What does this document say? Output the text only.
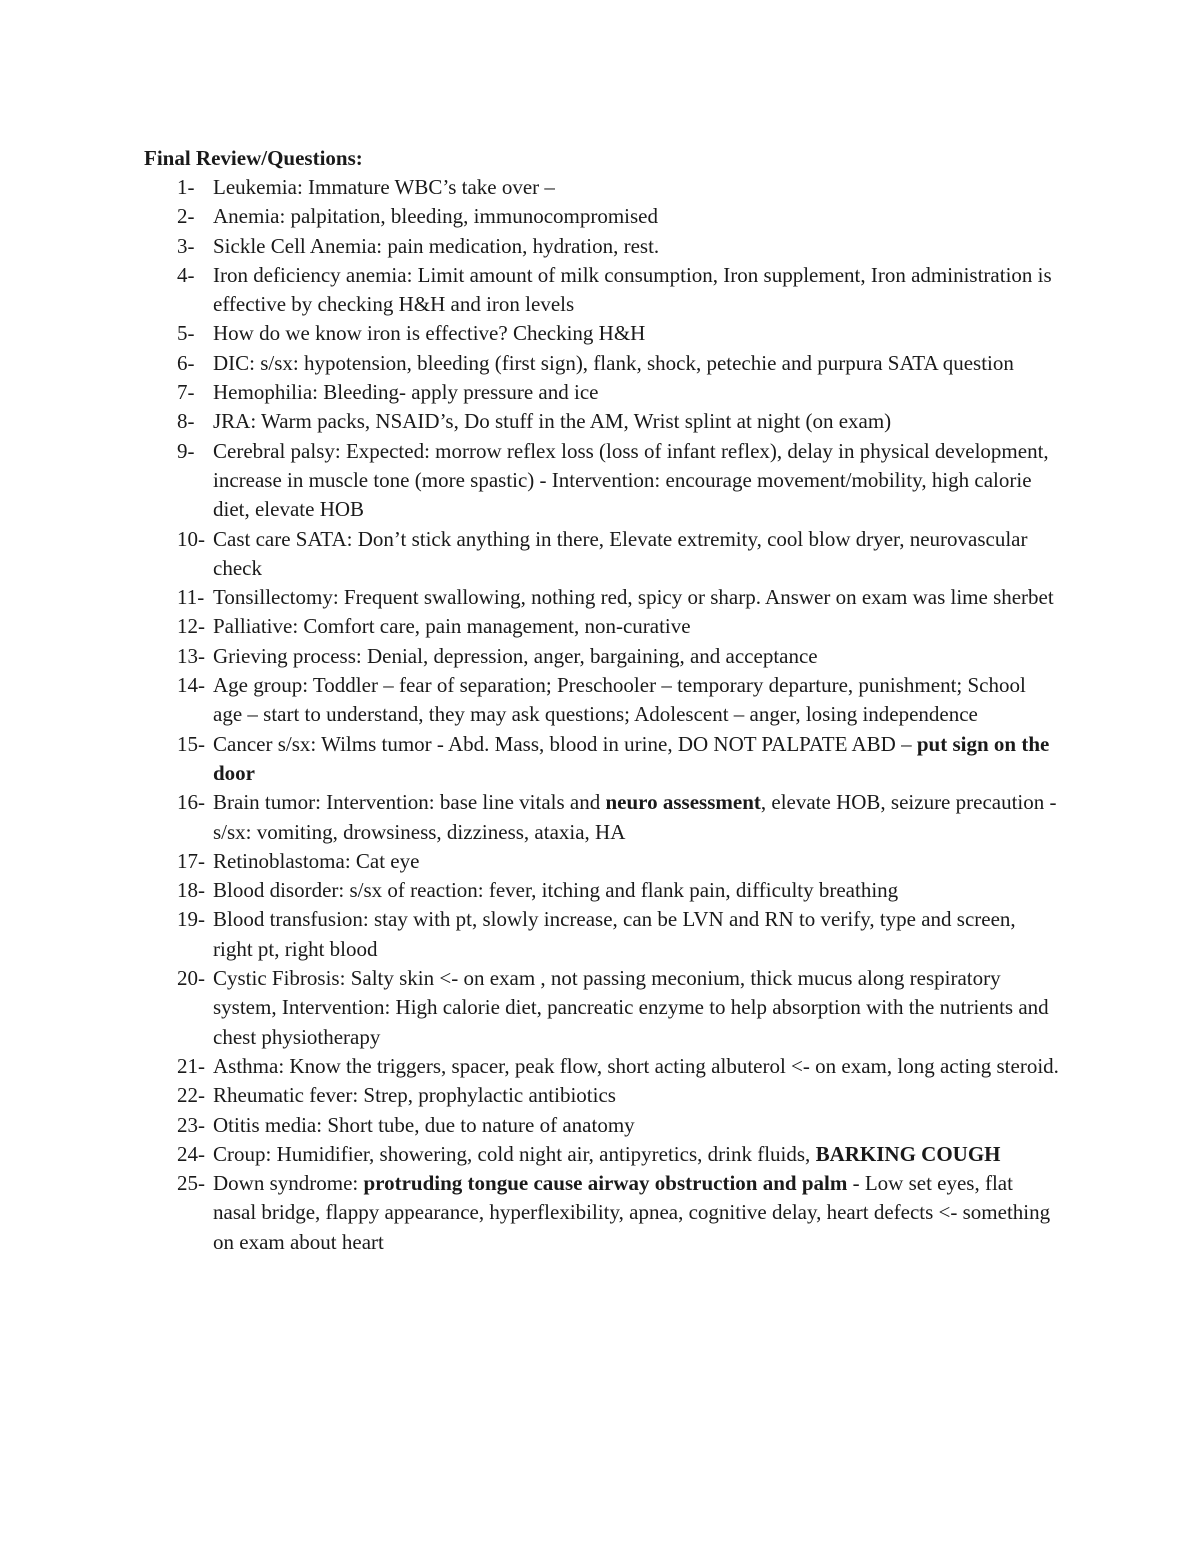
Final Review/Questions:

1- Leukemia: Immature WBC’s take over –
2- Anemia: palpitation, bleeding, immunocompromised
3- Sickle Cell Anemia: pain medication, hydration, rest.
4- Iron deficiency anemia: Limit amount of milk consumption, Iron supplement, Iron administration is effective by checking H&H and iron levels
5- How do we know iron is effective? Checking H&H
6- DIC: s/sx: hypotension, bleeding (first sign), flank, shock, petechie and purpura SATA question
7- Hemophilia: Bleeding- apply pressure and ice
8- JRA: Warm packs, NSAID’s, Do stuff in the AM, Wrist splint at night (on exam)
9- Cerebral palsy: Expected: morrow reflex loss (loss of infant reflex), delay in physical development, increase in muscle tone (more spastic) - Intervention: encourage movement/mobility, high calorie diet, elevate HOB
10- Cast care SATA: Don’t stick anything in there, Elevate extremity, cool blow dryer, neurovascular check
11- Tonsillectomy: Frequent swallowing, nothing red, spicy or sharp. Answer on exam was lime sherbet
12- Palliative: Comfort care, pain management, non-curative
13- Grieving process: Denial, depression, anger, bargaining, and acceptance
14- Age group: Toddler – fear of separation; Preschooler – temporary departure, punishment; School age – start to understand, they may ask questions; Adolescent – anger, losing independence
15- Cancer s/sx: Wilms tumor - Abd. Mass, blood in urine, DO NOT PALPATE ABD – put sign on the door
16- Brain tumor: Intervention: base line vitals and neuro assessment, elevate HOB, seizure precaution - s/sx: vomiting, drowsiness, dizziness, ataxia, HA
17- Retinoblastoma: Cat eye
18- Blood disorder: s/sx of reaction: fever, itching and flank pain, difficulty breathing
19- Blood transfusion: stay with pt, slowly increase, can be LVN and RN to verify, type and screen, right pt, right blood
20- Cystic Fibrosis: Salty skin <- on exam , not passing meconium, thick mucus along respiratory system, Intervention: High calorie diet, pancreatic enzyme to help absorption with the nutrients and chest physiotherapy
21- Asthma: Know the triggers, spacer, peak flow, short acting albuterol <- on exam, long acting steroid.
22- Rheumatic fever: Strep, prophylactic antibiotics
23- Otitis media: Short tube, due to nature of anatomy
24- Croup: Humidifier, showering, cold night air, antipyretics, drink fluids, BARKING COUGH
25- Down syndrome: protruding tongue cause airway obstruction and palm - Low set eyes, flat nasal bridge, flappy appearance, hyperflexibility, apnea, cognitive delay, heart defects <- something on exam about heart
